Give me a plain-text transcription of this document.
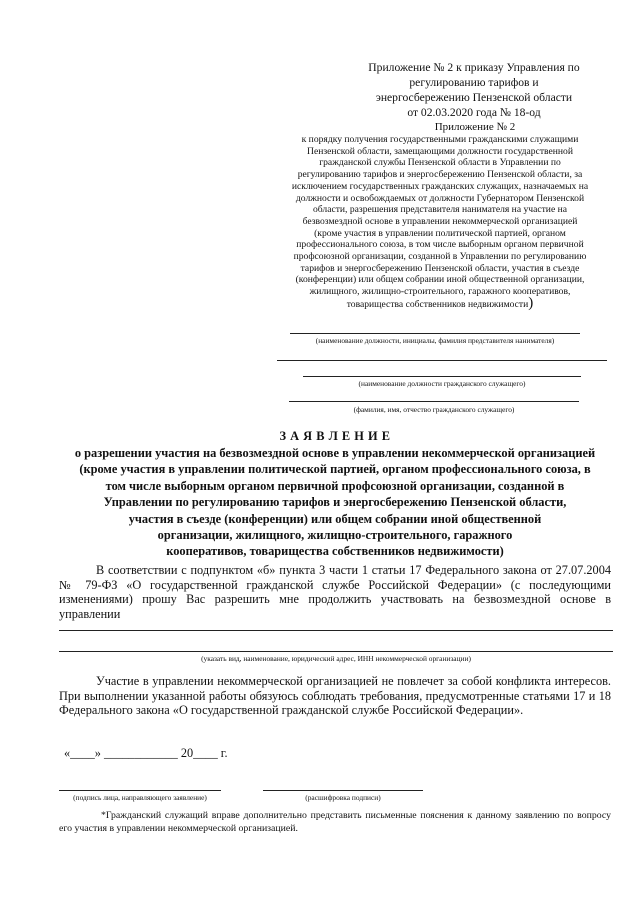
Приложение № 2 к приказу Управления по
регулированию тарифов и
энергосбережению Пензенской области
от 02.03.2020 года № 18-од
Приложение № 2
к порядку получения государственными гражданскими служащими
Пензенской области, замещающими должности государственной
гражданской службы Пензенской области в Управлении по
регулированию тарифов и энергосбережению Пензенской области, за
исключением государственных гражданских служащих, назначаемых на
должности и освобождаемых от должности Губернатором Пензенской
области, разрешения представителя нанимателя на участие на
безвозмездной основе в управлении некоммерческой организацией
(кроме участия в управлении политической партией, органом
профессионального союза, в том числе выборным органом первичной
профсоюзной организации, созданной в Управлении по регулированию
тарифов и энергосбережению Пензенской области, участия в съезде
(конференции) или общем собрании иной общественной организации,
жилищного, жилищно-строительного, гаражного кооперативов,
товарищества собственников недвижимости)
(наименование должности, инициалы, фамилия представителя нанимателя)
(наименование должности гражданского служащего)
(фамилия, имя, отчество гражданского служащего)
З А Я В Л Е Н И Е
о разрешении участия на безвозмездной основе в управлении некоммерческой организацией
(кроме участия в управлении политической партией, органом профессионального союза, в
том числе выборным органом первичной профсоюзной организации, созданной в
Управлении по регулированию тарифов и энергосбережению Пензенской области,
участия в съезде (конференции) или общем собрании иной общественной
организации, жилищного, жилищно-строительного, гаражного
кооперативов, товарищества собственников недвижимости)
В соответствии с подпунктом «б» пункта 3 части 1 статьи 17 Федерального закона от 27.07.2004 № 79-ФЗ «О государственной гражданской службе Российской Федерации» (с последующими изменениями) прошу Вас разрешить мне продолжить участвовать на безвозмездной основе в управлении
(указать вид, наименование, юридический адрес, ИНН некоммерческой организации)
Участие в управлении некоммерческой организацией не повлечет за собой конфликта интересов. При выполнении указанной работы обязуюсь соблюдать требования, предусмотренные статьями 17 и 18 Федерального закона «О государственной гражданской службе Российской Федерации».
«____» ____________ 20____ г.
(подпись лица, направляющего заявление)	(расшифровка подписи)
*Гражданский служащий вправе дополнительно представить письменные пояснения к данному заявлению по вопросу его участия в управлении некоммерческой организацией.
